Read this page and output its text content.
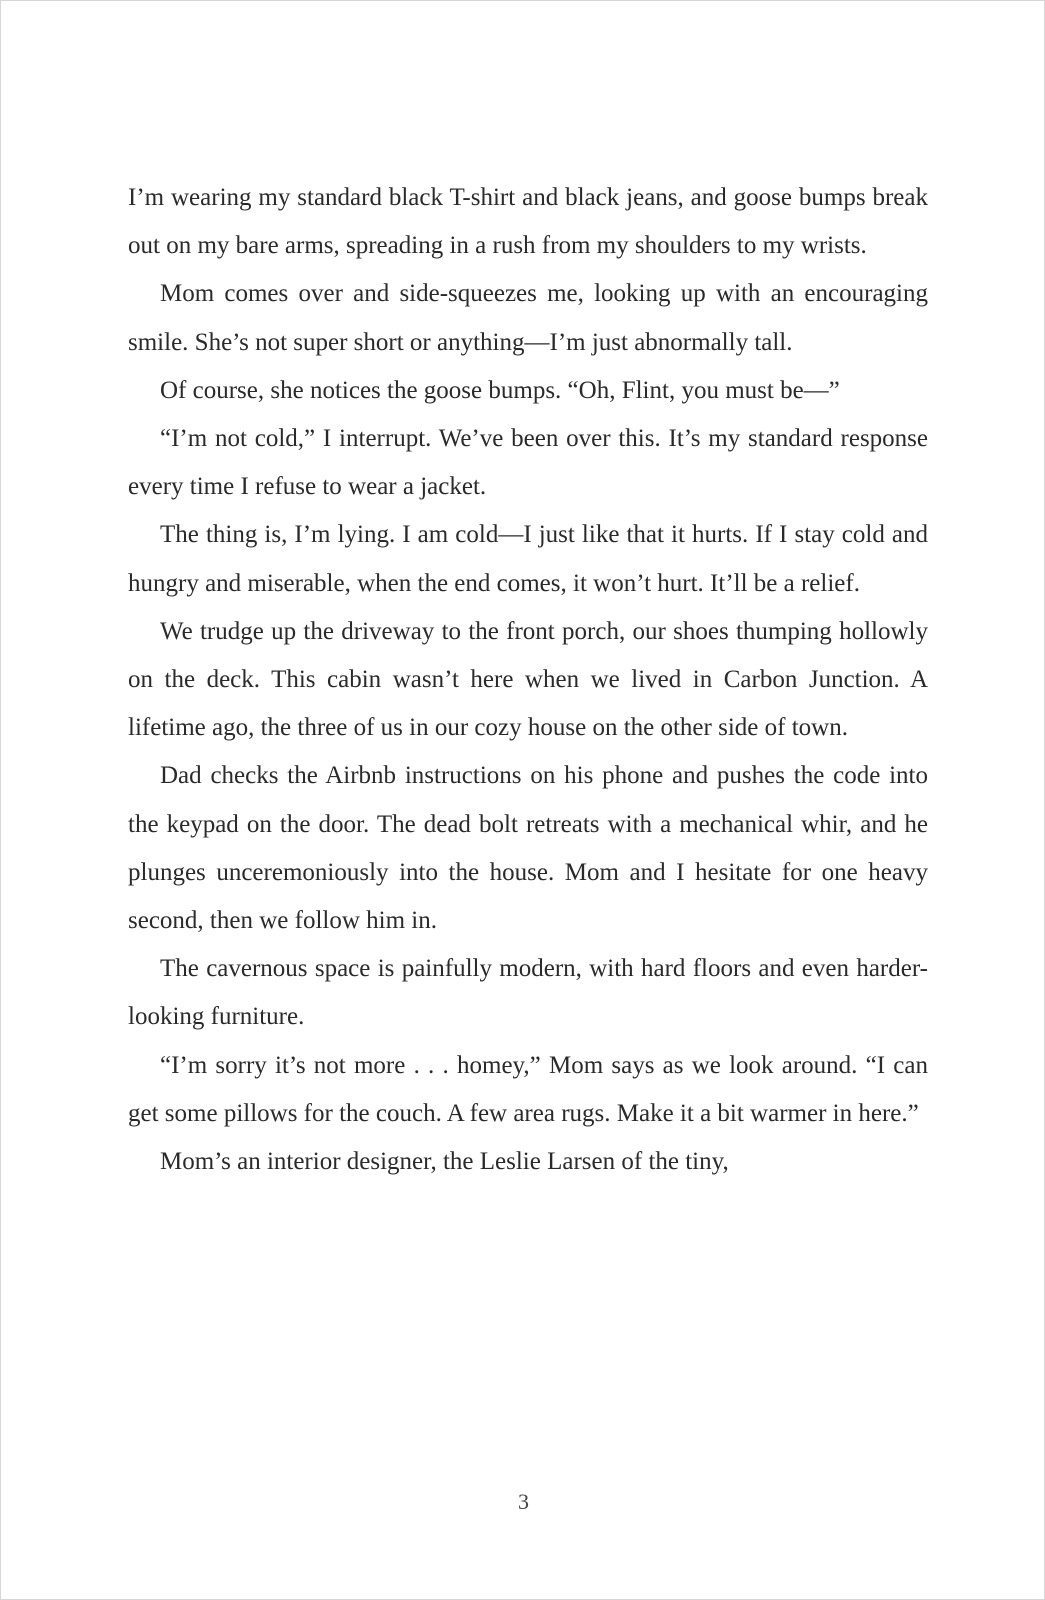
I’m wearing my standard black T-shirt and black jeans, and goose bumps break out on my bare arms, spreading in a rush from my shoulders to my wrists.

Mom comes over and side-squeezes me, looking up with an encouraging smile. She’s not super short or anything—I’m just abnormally tall.

Of course, she notices the goose bumps. “Oh, Flint, you must be—”

“I’m not cold,” I interrupt. We’ve been over this. It’s my standard response every time I refuse to wear a jacket.

The thing is, I’m lying. I am cold—I just like that it hurts. If I stay cold and hungry and miserable, when the end comes, it won’t hurt. It’ll be a relief.

We trudge up the driveway to the front porch, our shoes thumping hollowly on the deck. This cabin wasn’t here when we lived in Carbon Junction. A lifetime ago, the three of us in our cozy house on the other side of town.

Dad checks the Airbnb instructions on his phone and pushes the code into the keypad on the door. The dead bolt retreats with a mechanical whir, and he plunges unceremoniously into the house. Mom and I hesitate for one heavy second, then we follow him in.

The cavernous space is painfully modern, with hard floors and even harder-looking furniture.

“I’m sorry it’s not more . . . homey,” Mom says as we look around. “I can get some pillows for the couch. A few area rugs. Make it a bit warmer in here.”

Mom’s an interior designer, the Leslie Larsen of the tiny,

3
